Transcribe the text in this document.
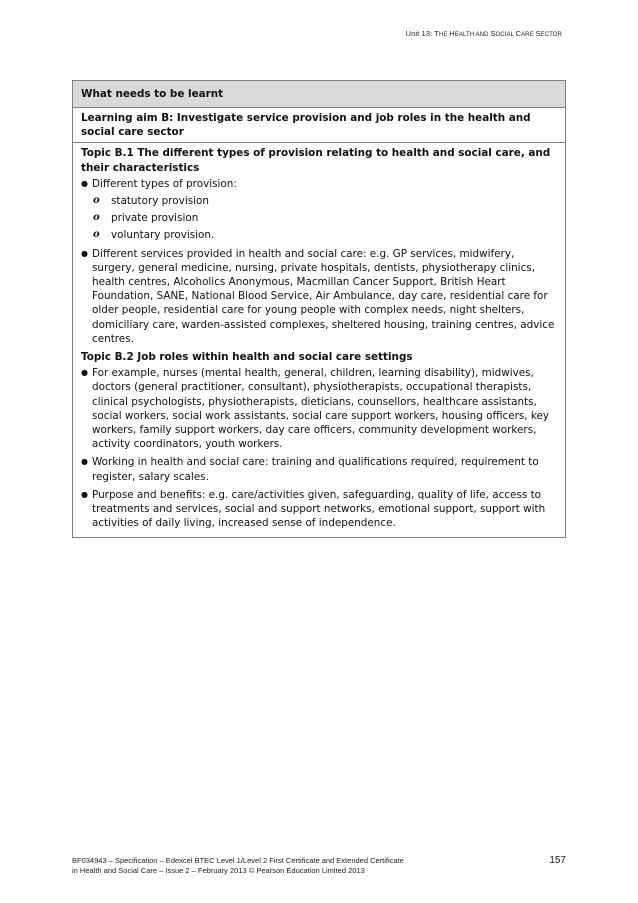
Unit 13: THE HEALTH AND SOCIAL CARE SECTOR
What needs to be learnt
Learning aim B: Investigate service provision and job roles in the health and social care sector

Topic B.1 The different types of provision relating to health and social care, and their characteristics
● Different types of provision:
o statutory provision
o private provision
o voluntary provision.
● Different services provided in health and social care: e.g. GP services, midwifery, surgery, general medicine, nursing, private hospitals, dentists, physiotherapy clinics, health centres, Alcoholics Anonymous, Macmillan Cancer Support, British Heart Foundation, SANE, National Blood Service, Air Ambulance, day care, residential care for older people, residential care for young people with complex needs, night shelters, domiciliary care, warden-assisted complexes, sheltered housing, training centres, advice centres.
Topic B.2 Job roles within health and social care settings
● For example, nurses (mental health, general, children, learning disability), midwives, doctors (general practitioner, consultant), physiotherapists, occupational therapists, clinical psychologists, physiotherapists, dieticians, counsellors, healthcare assistants, social workers, social work assistants, social care support workers, housing officers, key workers, family support workers, day care officers, community development workers, activity coordinators, youth workers.
● Working in health and social care: training and qualifications required, requirement to register, salary scales.
● Purpose and benefits: e.g. care/activities given, safeguarding, quality of life, access to treatments and services, social and support networks, emotional support, support with activities of daily living, increased sense of independence.
BF034943 – Specification – Edexcel BTEC Level 1/Level 2 First Certificate and Extended Certificate
in Health and Social Care – Issue 2 – February 2013 © Pearson Education Limited 2013
157
